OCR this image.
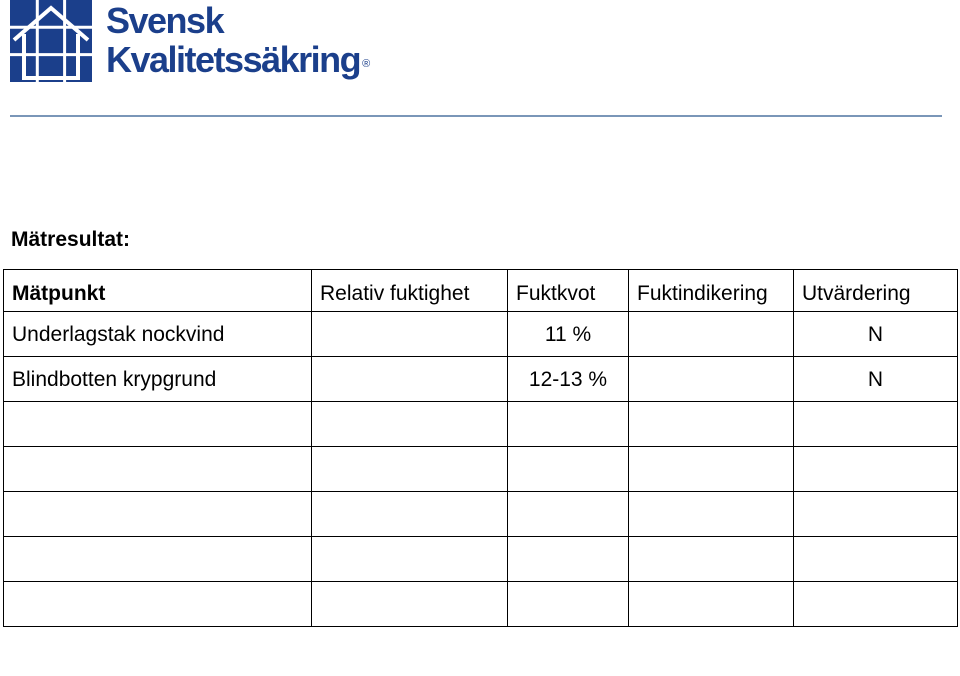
Svensk
Kvalitetssäkring ®
Mätresultat:
Mätpunkt	Relativ fuktighet	Fuktkvot	Fuktindikering	Utvärdering
Underlagstak nockvind		11 %		N
Blindbotten krypgrund		12-13 %		N
